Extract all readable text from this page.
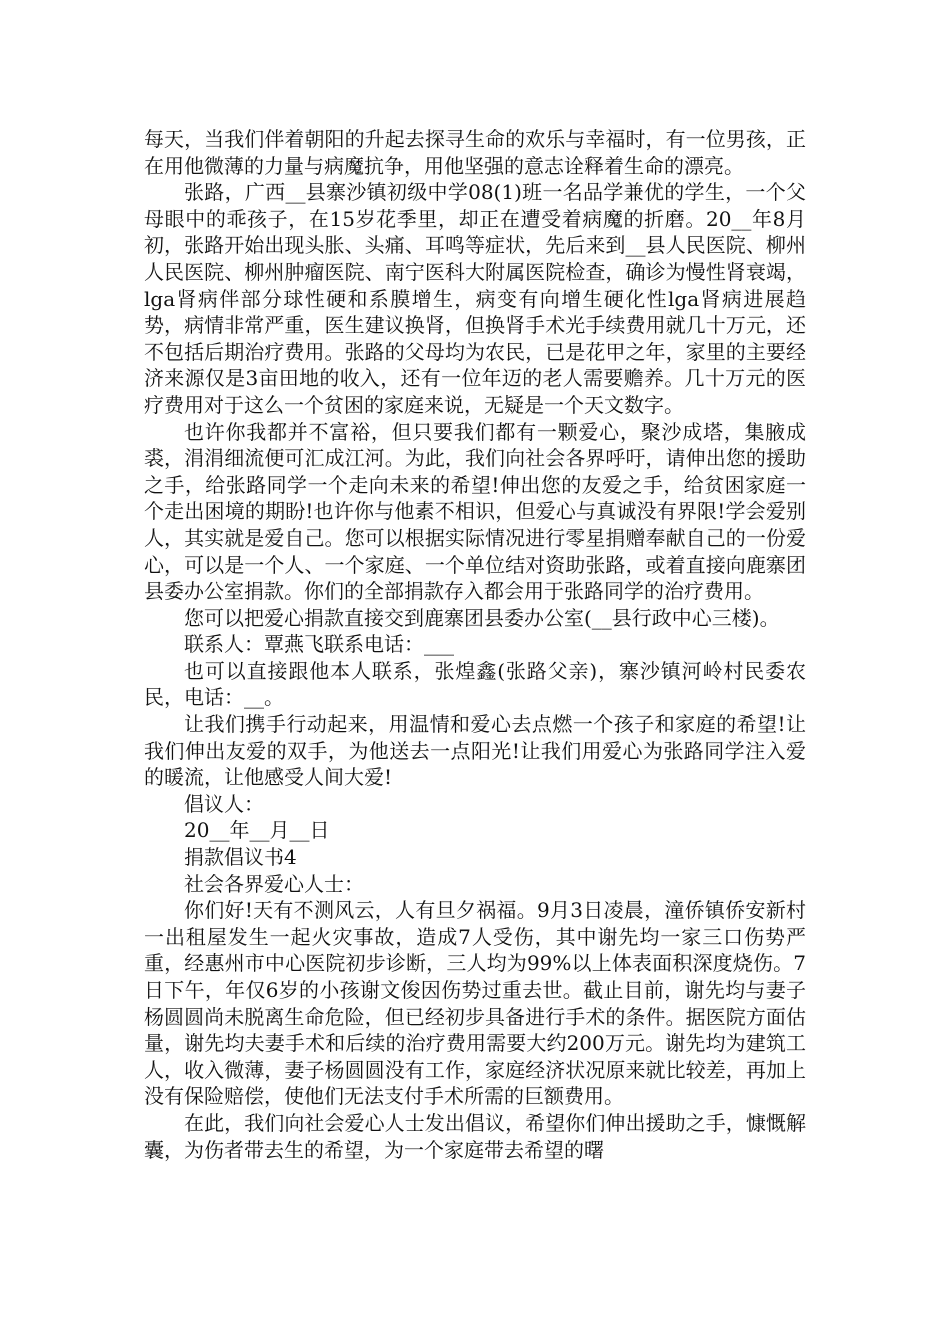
每天，当我们伴着朝阳的升起去探寻生命的欢乐与幸福时，有一位男孩，正在用他微薄的力量与病魔抗争，用他坚强的意志诠释着生命的漂亮。

张路，广西__县寨沙镇初级中学08(1)班一名品学兼优的学生，一个父母眼中的乖孩子，在15岁花季里，却正在遭受着病魔的折磨。20__年8月初，张路开始出现头胀、头痛、耳鸣等症状，先后来到__县人民医院、柳州人民医院、柳州肿瘤医院、南宁医科大附属医院检查，确诊为慢性肾衰竭，lga肾病伴部分球性硬和系膜增生，病变有向增生硬化性lga肾病进展趋势，病情非常严重，医生建议换肾，但换肾手术光手续费用就几十万元，还不包括后期治疗费用。张路的父母均为农民，已是花甲之年，家里的主要经济来源仅是3亩田地的收入，还有一位年迈的老人需要赡养。几十万元的医疗费用对于这么一个贫困的家庭来说，无疑是一个天文数字。

也许你我都并不富裕，但只要我们都有一颗爱心，聚沙成塔，集腋成裘，涓涓细流便可汇成江河。为此，我们向社会各界呼吁，请伸出您的援助之手，给张路同学一个走向未来的希望!伸出您的友爱之手，给贫困家庭一个走出困境的期盼!也许你与他素不相识，但爱心与真诚没有界限!学会爱别人，其实就是爱自己。您可以根据实际情况进行零星捐赠奉献自己的一份爱心，可以是一个人、一个家庭、一个单位结对资助张路，或着直接向鹿寨团县委办公室捐款。你们的全部捐款存入都会用于张路同学的治疗费用。

您可以把爱心捐款直接交到鹿寨团县委办公室(__县行政中心三楼)。

联系人：覃燕飞联系电话：___

也可以直接跟他本人联系，张煌鑫(张路父亲)，寨沙镇河岭村民委农民，电话：__。

让我们携手行动起来，用温情和爱心去点燃一个孩子和家庭的希望!让我们伸出友爱的双手，为他送去一点阳光!让我们用爱心为张路同学注入爱的暖流，让他感受人间大爱!

倡议人：

20__年__月__日

捐款倡议书4

社会各界爱心人士：

你们好!天有不测风云，人有旦夕祸福。9月3日凌晨，潼侨镇侨安新村一出租屋发生一起火灾事故，造成7人受伤，其中谢先均一家三口伤势严重，经惠州市中心医院初步诊断，三人均为99%以上体表面积深度烧伤。7日下午，年仅6岁的小孩谢文俊因伤势过重去世。截止目前，谢先均与妻子杨圆圆尚未脱离生命危险，但已经初步具备进行手术的条件。据医院方面估量，谢先均夫妻手术和后续的治疗费用需要大约200万元。谢先均为建筑工人，收入微薄，妻子杨圆圆没有工作，家庭经济状况原来就比较差，再加上没有保险赔偿，使他们无法支付手术所需的巨额费用。

在此，我们向社会爱心人士发出倡议，希望你们伸出援助之手，慷慨解囊，为伤者带去生的希望，为一个家庭带去希望的曙
